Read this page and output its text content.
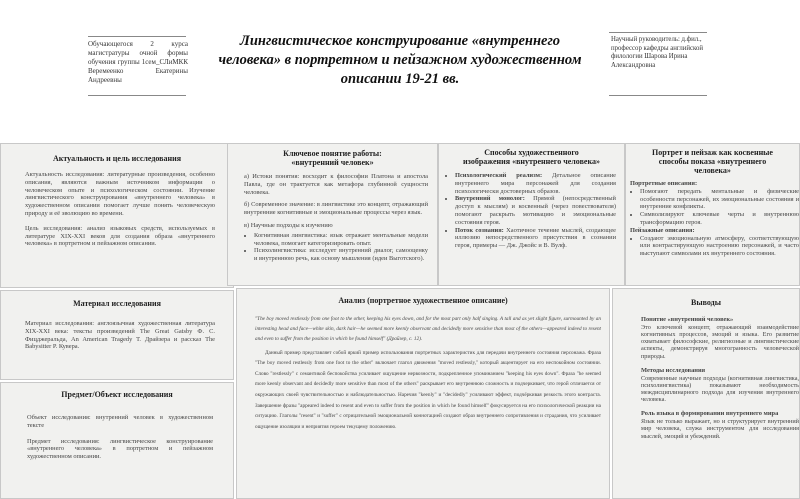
Обучающегося 2 курса магистратуры очной формы обучения группы 1сем_СЛиМКК Веремеенко Екатерины Андреевны
Лингвистическое конструирование «внутреннего человека» в портретном и пейзажном художественном описании 19-21 вв.
Научный руководитель: д.фил., профессор кафедры английской филологии Шарова Ирина Александровна
Актуальность и цель исследования

Актуальность исследования: литературные произведения, особенно описания, являются важным источником информации о человеческом опыте и психологическом состоянии. Изучение лингвистического конструирования «внутреннего человека» в художественном описании помогает лучше понять человеческую природу и её эволюцию во времени.

Цель исследования: анализ языковых средств, используемых в литературе XIX-XXI веков для создания образа «внутреннего человека» в портретном и пейзажном описании.

Материал исследования

Материал исследования: англоязычная художественная литература XIX-XXI века: тексты произведений The Great Gatsby Ф. С. Фицджеральда, An American Tragedy Т. Драйзера и рассказ The Babysitter Р. Кувера.

Предмет/Объект исследования

Объект исследования: внутренний человек в художественном тексте

Предмет исследования: лингвистическое конструирование «внутреннего человека» в портретном и пейзажном художественном описании.

Ключевое понятие работы: «внутренний человек»

а) Истоки понятия: восходит к философии Платона и апостола Павла, где он трактуется как метафора глубинной сущности человека.

б) Современное значение: в лингвистике это концепт, отражающий внутренние когнитивные и эмоциональные процессы через язык.

в) Научные подходы к изучению

• Когнитивная лингвистика: язык отражает ментальные модели человека, помогает категоризировать опыт.
• Психолингвистика: исследует внутренний диалог, самооценку и внутреннюю речь, как основу мышления (идеи Выготского).
Способы художественного изображения «внутреннего человека»
• Психологический реализм: Детальное описание внутреннего мира персонажей для создания психологически достоверных образов.
• Внутренний монолог: Прямой (непосредственный доступ к мыслям) и косвенный (через повествователя) помогают раскрыть мотивацию и эмоциональные состояния героя.
• Поток сознания: Хаотичное течение мыслей, создающее иллюзию непосредственного присутствия в сознании героя, примеры — Дж. Джойс и В. Вулф.
Портрет и пейзаж как косвенные способы показа «внутреннего человека»

Портретные описания:

• Помогают передать ментальные и физические особенности персонажей, их эмоциональные состояния и внутренние конфликты.
• Символизируют ключевые черты и внутреннюю трансформацию героя.

Пейзажные описания:

• Создают эмоциональную атмосферу, соответствующую или контрастирующую настроению персонажей, и часто выступают символами их внутреннего состояния.
Анализ (портретное художественное описание)

"The boy moved restlessly from one foot to the other, keeping his eyes down, and for the most part only half singing. A tall and as yet slight figure, surmounted by an interesting head and face—white skin, dark hair—he seemed more keenly observant and decidedly more sensitive than most of the others—appeared indeed to resent and even to suffer from the position in which he found himself" (Драйзер, с. 12).

Данный пример представляет собой яркий пример использования портретных характеристик для передачи внутреннего состояния персонажа. Фраза "The boy moved restlessly from one foot to the other" включает глагол движения "moved restlessly," который акцентирует на его неспокойном состоянии. Слово "restlessly" с семантикой беспокойства усиливает ощущение нервозности, подкрепленное упоминанием "keeping his eyes down". Фраза "he seemed more keenly observant and decidedly more sensitive than most of the others" раскрывает его внутреннюю сложность и подчеркивает, что герой отличается от окружающих своей чувствительностью и наблюдательностью. Наречия "keenly" и "decidedly" усиливают эффект, подчёркивая резкость этого контраста. Завершение фразы "appeared indeed to resent and even to suffer from the position in which he found himself" фокусируется на его психологической реакции на ситуацию. Глаголы "resent" и "suffer" с отрицательной эмоциональной коннотацией создают образ внутреннего сопротивления и страдания, что усиливает ощущение изоляции и неприятия героем текущему положению.

Выводы

Понятие «внутренний человек»

Это ключевой концепт, отражающий взаимодействие когнитивных процессов, эмоций и языка. Его развитие охватывает философские, религиозные и лингвистические аспекты, демонстрируя многогранность человеческой природы.

Методы исследования

Современные научные подходы (когнитивная лингвистика, психолингвистика) показывают необходимость междисциплинарного подхода для изучения внутреннего человека.

Роль языка в формировании внутреннего мира

Язык не только выражает, но и структурирует внутренний мир человека, служа инструментом для исследования мыслей, эмоций и убеждений.
